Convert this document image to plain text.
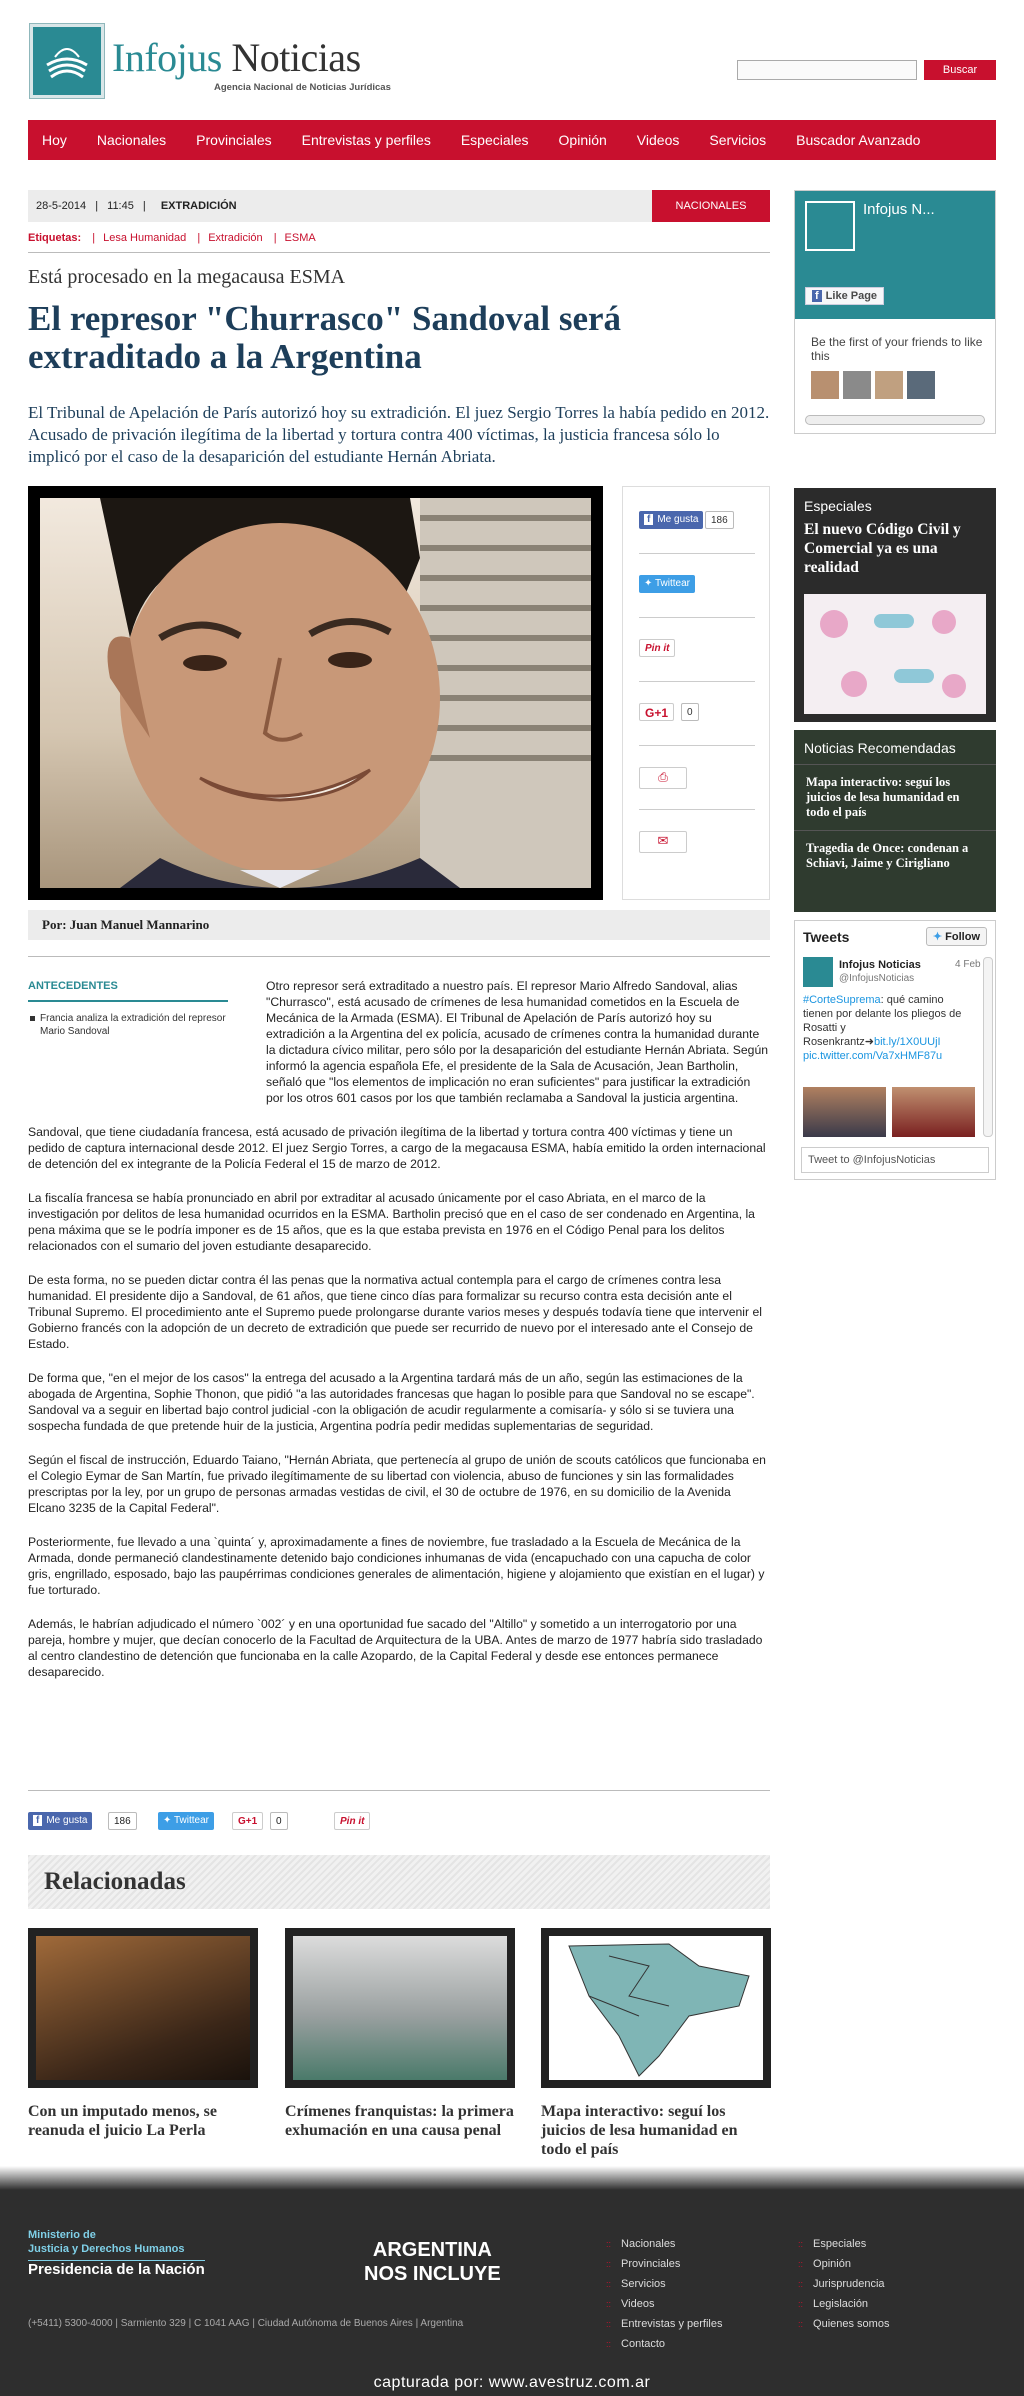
Infojus Noticias
Agencia Nacional de Noticias Jurídicas
Buscar
Hoy Nacionales Provinciales Entrevistas y perfiles Especiales Opinión Videos Servicios Buscador Avanzado
28-5-2014 | 11:45 | EXTRADICIÓN	NACIONALES
Etiquetas: | Lesa Humanidad | Extradición | ESMA
Está procesado en la megacausa ESMA
El represor "Churrasco" Sandoval será extraditado a la Argentina
El Tribunal de Apelación de París autorizó hoy su extradición. El juez Sergio Torres la había pedido en 2012. Acusado de privación ilegítima de la libertad y tortura contra 400 víctimas, la justicia francesa sólo lo implicó por el caso de la desaparición del estudiante Hernán Abriata.
f Me gusta	186
✦ Twittear
Pin it
G+1	0
⎙
✉
Por: Juan Manuel Mannarino
ANTECEDENTES
Francia analiza la extradición del represor Mario Sandoval

Otro represor será extraditado a nuestro país. El represor Mario Alfredo Sandoval, alias "Churrasco", está acusado de crímenes de lesa humanidad cometidos en la Escuela de Mecánica de la Armada (ESMA). El Tribunal de Apelación de París autorizó hoy su extradición a la Argentina del ex policía, acusado de crímenes contra la humanidad durante la dictadura cívico militar, pero sólo por la desaparición del estudiante Hernán Abriata. Según informó la agencia española Efe, el presidente de la Sala de Acusación, Jean Bartholin, señaló que "los elementos de implicación no eran suficientes" para justificar la extradición por los otros 601 casos por los que también reclamaba a Sandoval la justicia argentina.

Sandoval, que tiene ciudadanía francesa, está acusado de privación ilegítima de la libertad y tortura contra 400 víctimas y tiene un pedido de captura internacional desde 2012. El juez Sergio Torres, a cargo de la megacausa ESMA, había emitido la orden internacional de detención del ex integrante de la Policía Federal el 15 de marzo de 2012.

La fiscalía francesa se había pronunciado en abril por extraditar al acusado únicamente por el caso Abriata, en el marco de la investigación por delitos de lesa humanidad ocurridos en la ESMA. Bartholin precisó que en el caso de ser condenado en Argentina, la pena máxima que se le podría imponer es de 15 años, que es la que estaba prevista en 1976 en el Código Penal para los delitos relacionados con el sumario del joven estudiante desaparecido.

De esta forma, no se pueden dictar contra él las penas que la normativa actual contempla para el cargo de crímenes contra lesa humanidad. El presidente dijo a Sandoval, de 61 años, que tiene cinco días para formalizar su recurso contra esta decisión ante el Tribunal Supremo. El procedimiento ante el Supremo puede prolongarse durante varios meses y después todavía tiene que intervenir el Gobierno francés con la adopción de un decreto de extradición que puede ser recurrido de nuevo por el interesado ante el Consejo de Estado.

De forma que, "en el mejor de los casos" la entrega del acusado a la Argentina tardará más de un año, según las estimaciones de la abogada de Argentina, Sophie Thonon, que pidió "a las autoridades francesas que hagan lo posible para que Sandoval no se escape". Sandoval va a seguir en libertad bajo control judicial -con la obligación de acudir regularmente a comisaría- y sólo si se tuviera una sospecha fundada de que pretende huir de la justicia, Argentina podría pedir medidas suplementarias de seguridad.

Según el fiscal de instrucción, Eduardo Taiano, "Hernán Abriata, que pertenecía al grupo de unión de scouts católicos que funcionaba en el Colegio Eymar de San Martín, fue privado ilegítimamente de su libertad con violencia, abuso de funciones y sin las formalidades prescriptas por la ley, por un grupo de personas armadas vestidas de civil, el 30 de octubre de 1976, en su domicilio de la Avenida Elcano 3235 de la Capital Federal".

Posteriormente, fue llevado a una `quinta´ y, aproximadamente a fines de noviembre, fue trasladado a la Escuela de Mecánica de la Armada, donde permaneció clandestinamente detenido bajo condiciones inhumanas de vida (encapuchado con una capucha de color gris, engrillado, esposado, bajo las paupérrimas condiciones generales de alimentación, higiene y alojamiento que existían en el lugar) y fue torturado.

Además, le habrían adjudicado el número `002´ y en una oportunidad fue sacado del "Altillo" y sometido a un interrogatorio por una pareja, hombre y mujer, que decían conocerlo de la Facultad de Arquitectura de la UBA. Antes de marzo de 1977 habría sido trasladado al centro clandestino de detención que funcionaba en la calle Azopardo, de la Capital Federal y desde ese entonces permanece desaparecido.

f Me gusta	186	✦ Twittear	G+1	0	Pin it
Relacionadas
Con un imputado menos, se reanuda el juicio La Perla
Crímenes franquistas: la primera exhumación en una causa penal
Mapa interactivo: seguí los juicios de lesa humanidad en todo el país
Infojus N...
f Like Page
Be the first of your friends to like this
Especiales
El nuevo Código Civil y Comercial ya es una realidad
Noticias Recomendadas
Mapa interactivo: seguí los juicios de lesa humanidad en todo el país
Tragedia de Once: condenan a Schiavi, Jaime y Cirigliano
Tweets	✦ Follow
Infojus Noticias	4 Feb
@InfojusNoticias
#CorteSuprema: qué camino tienen por delante los pliegos de Rosatti y Rosenkrantz➜bit.ly/1X0UUjI
pic.twitter.com/Va7xHMF87u
Tweet to @InfojusNoticias
Ministerio de
Justicia y Derechos Humanos
Presidencia de la Nación
ARGENTINA
NOS INCLUYE
(+5411) 5300-4000 | Sarmiento 329 | C 1041 AAG | Ciudad Autónoma de Buenos Aires | Argentina
:: Nacionales
:: Provinciales
:: Servicios
:: Videos
:: Entrevistas y perfiles
:: Contacto
:: Especiales
:: Opinión
:: Jurisprudencia
:: Legislación
:: Quienes somos
capturada por: www.avestruz.com.ar
